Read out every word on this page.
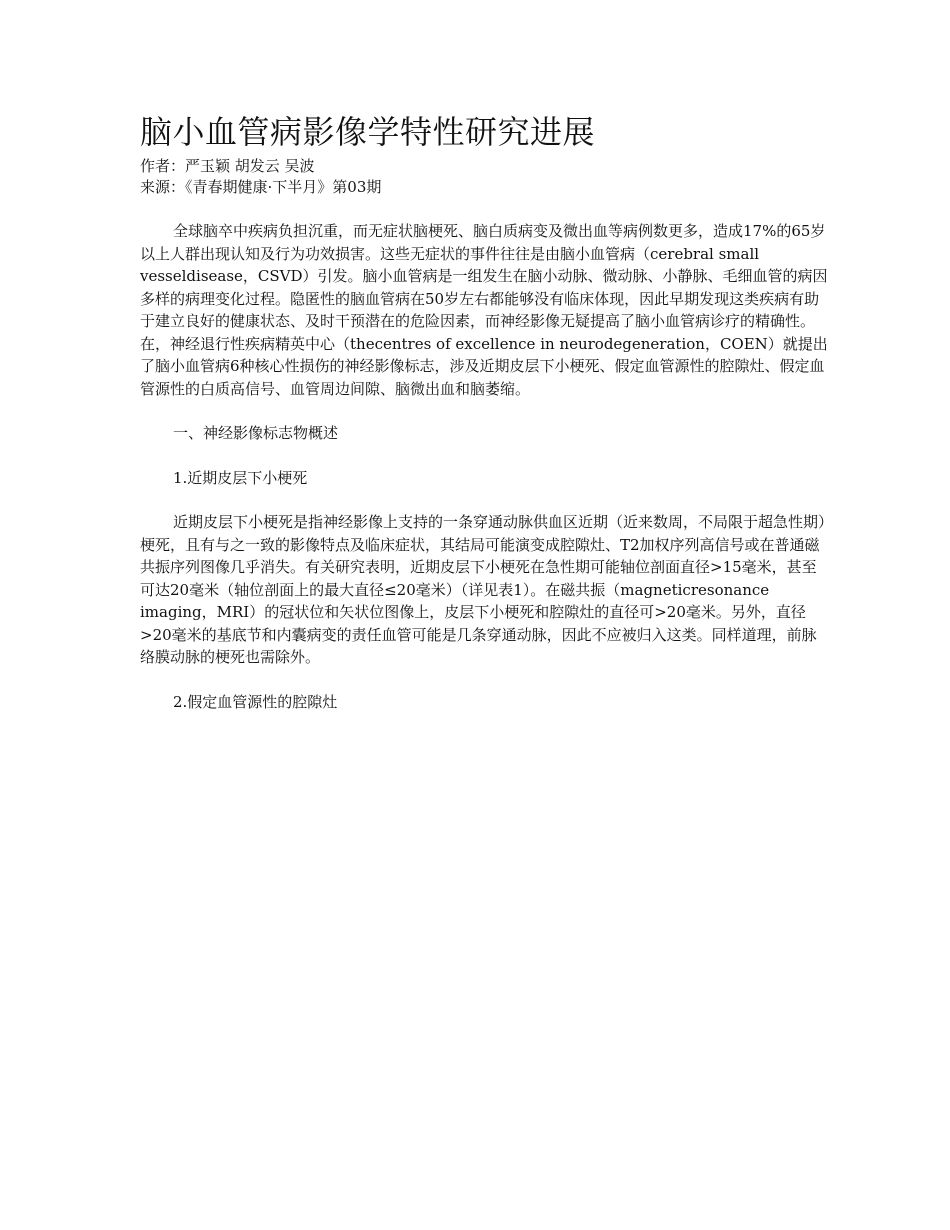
脑小血管病影像学特性研究进展

作者：严玉颖 胡发云 吴波

来源：《青春期健康·下半月》第03期

全球脑卒中疾病负担沉重，而无症状脑梗死、脑白质病变及微出血等病例数更多，造成17%的65岁以上人群出现认知及行为功效损害。这些无症状的事件往往是由脑小血管病（cerebral small vesseldisease，CSVD）引发。脑小血管病是一组发生在脑小动脉、微动脉、小静脉、毛细血管的病因多样的病理变化过程。隐匿性的脑血管病在50岁左右都能够没有临床体现，因此早期发现这类疾病有助于建立良好的健康状态、及时干预潜在的危险因素，而神经影像无疑提高了脑小血管病诊疗的精确性。在，神经退行性疾病精英中心（thecentres of excellence in neurodegeneration，COEN）就提出了脑小血管病6种核心性损伤的神经影像标志，涉及近期皮层下小梗死、假定血管源性的腔隙灶、假定血管源性的白质高信号、血管周边间隙、脑微出血和脑萎缩。

一、神经影像标志物概述

1.近期皮层下小梗死

近期皮层下小梗死是指神经影像上支持的一条穿通动脉供血区近期（近来数周，不局限于超急性期）梗死，且有与之一致的影像特点及临床症状，其结局可能演变成腔隙灶、T2加权序列高信号或在普通磁共振序列图像几乎消失。有关研究表明，近期皮层下小梗死在急性期可能轴位剖面直径>15毫米，甚至可达20毫米（轴位剖面上的最大直径≤20毫米）（详见表1）。在磁共振（magneticresonance imaging，MRI）的冠状位和矢状位图像上，皮层下小梗死和腔隙灶的直径可>20毫米。另外，直径>20毫米的基底节和内囊病变的责任血管可能是几条穿通动脉，因此不应被归入这类。同样道理，前脉络膜动脉的梗死也需除外。

2.假定血管源性的腔隙灶
